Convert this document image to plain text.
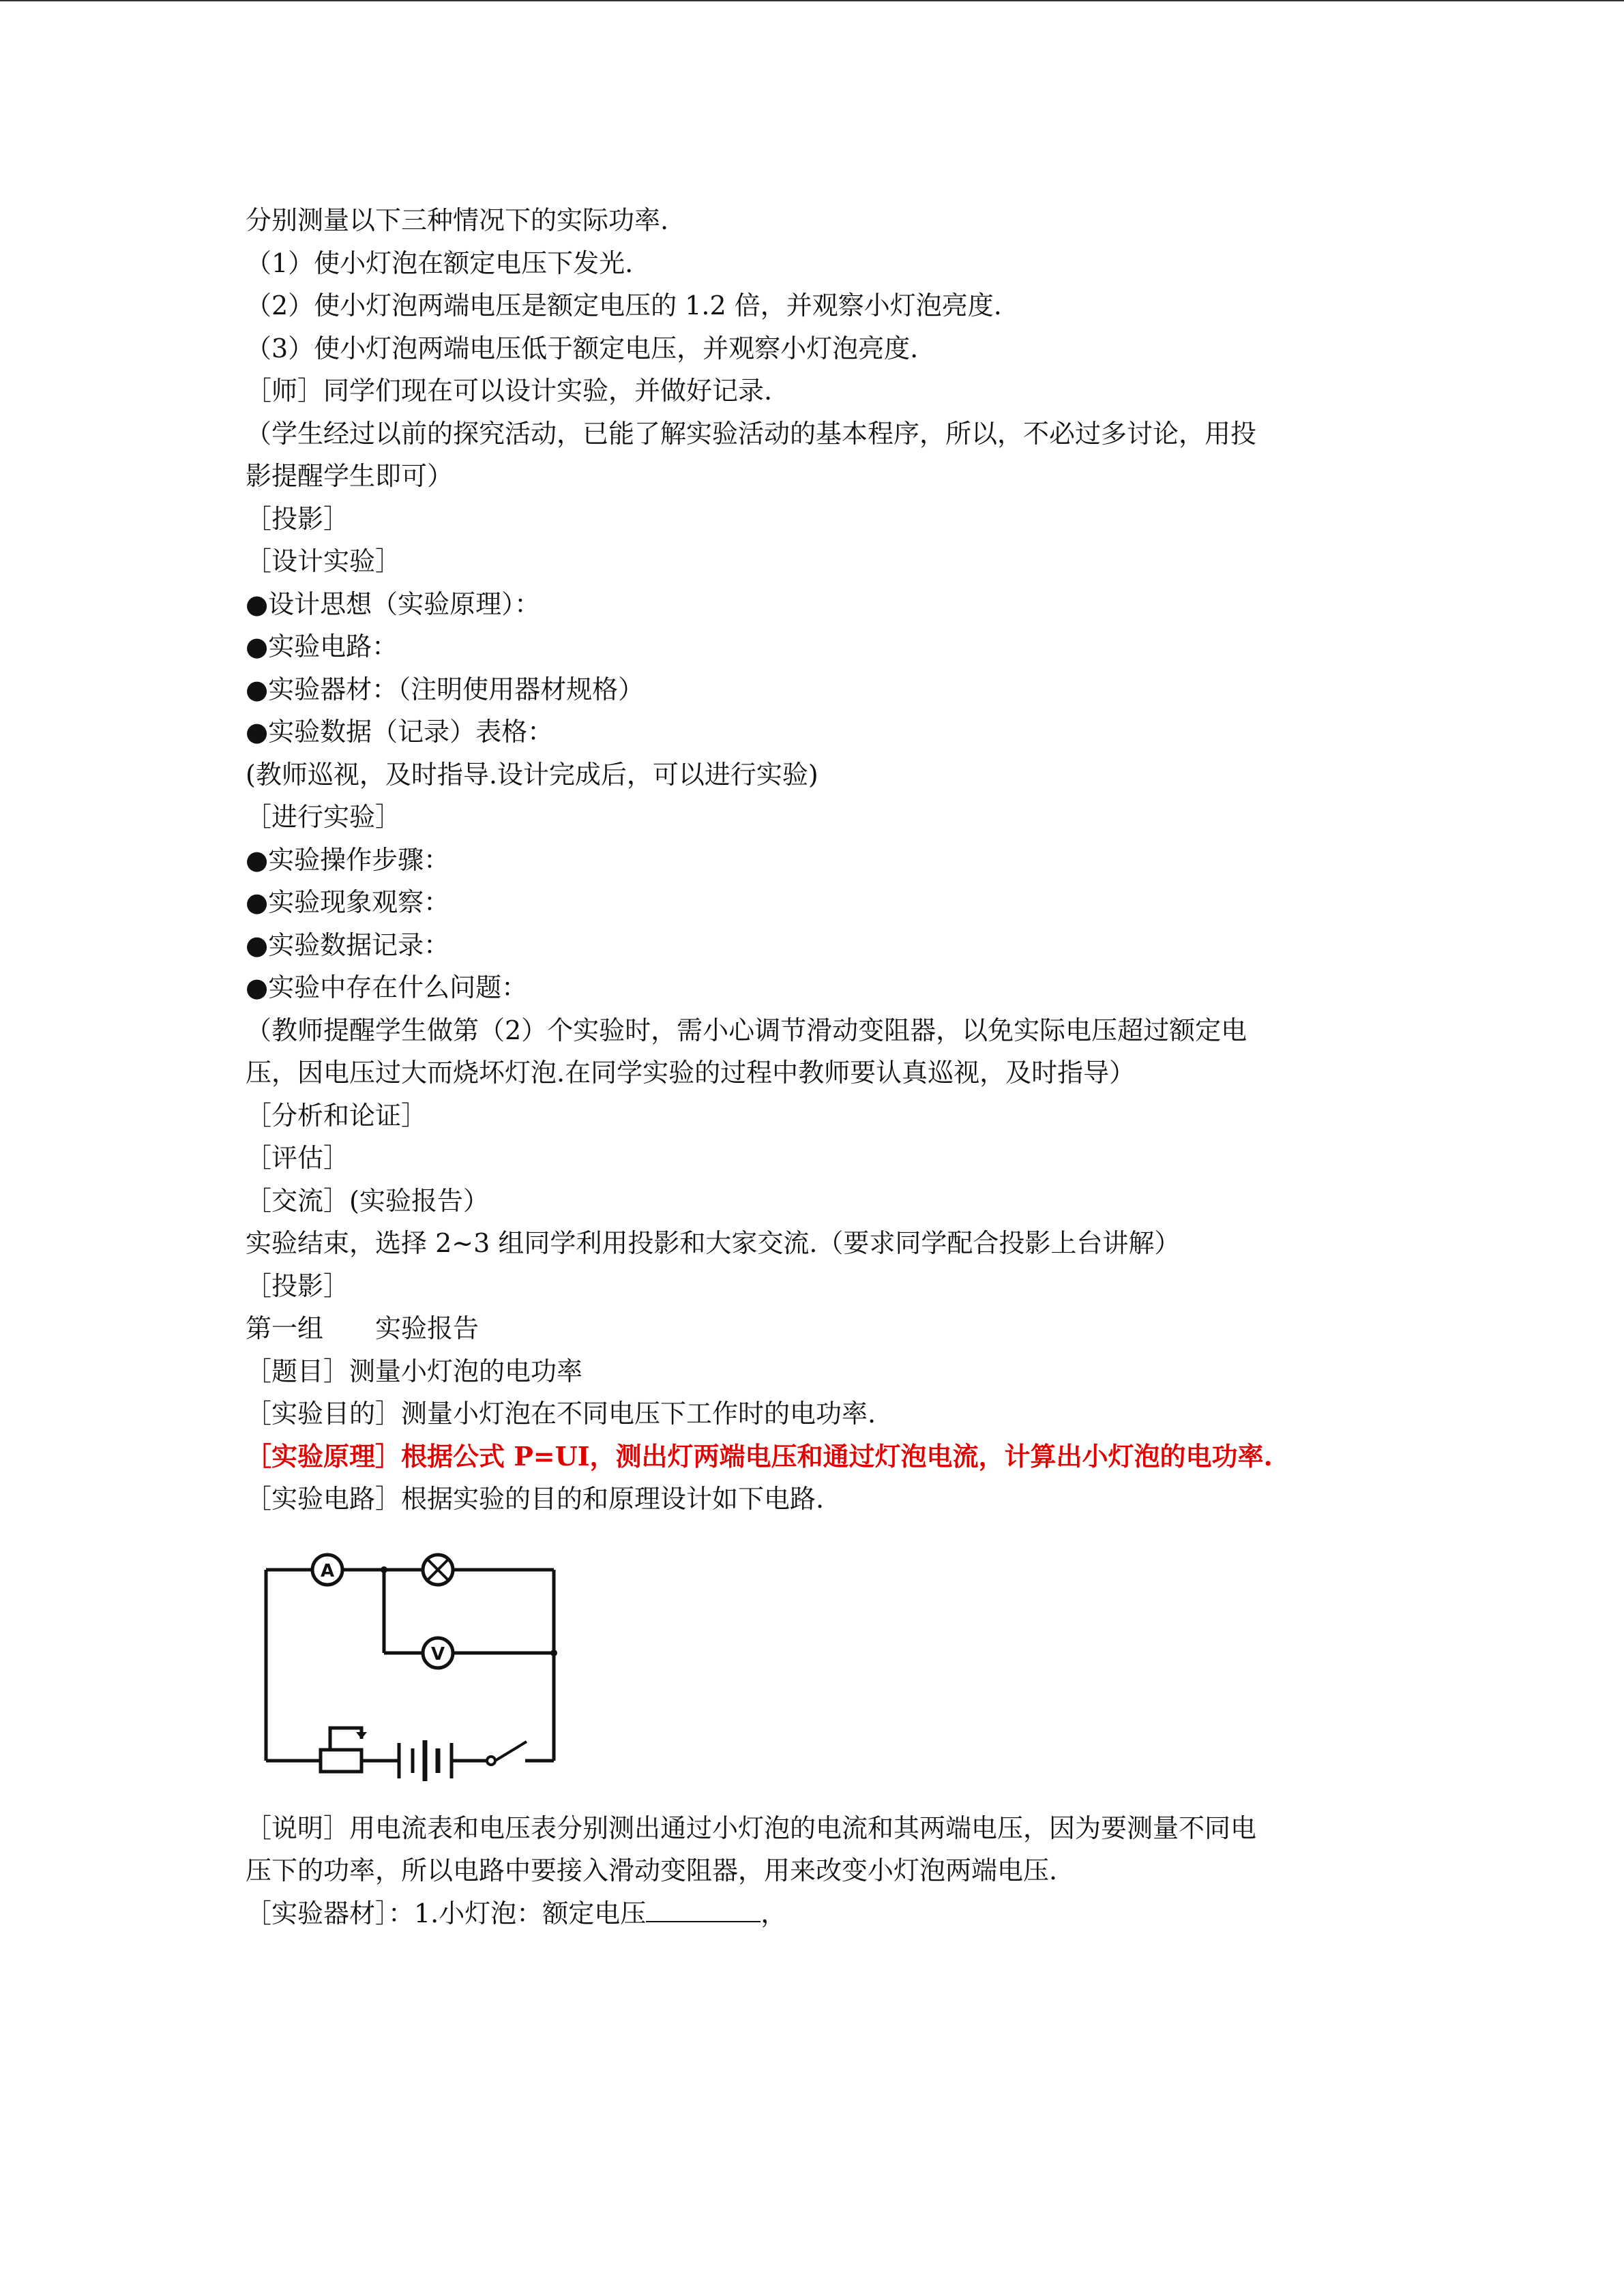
分别测量以下三种情况下的实际功率.
（1）使小灯泡在额定电压下发光.
（2）使小灯泡两端电压是额定电压的 1.2 倍，并观察小灯泡亮度.
（3）使小灯泡两端电压低于额定电压，并观察小灯泡亮度.
［师］同学们现在可以设计实验，并做好记录.
（学生经过以前的探究活动，已能了解实验活动的基本程序，所以，不必过多讨论，用投
影提醒学生即可）
［投影］
［设计实验］
●设计思想（实验原理）：
●实验电路：
●实验器材：（注明使用器材规格）
●实验数据（记录）表格：
(教师巡视，及时指导.设计完成后，可以进行实验)
［进行实验］
●实验操作步骤：
●实验现象观察：
●实验数据记录：
●实验中存在什么问题：
（教师提醒学生做第（2）个实验时，需小心调节滑动变阻器，以免实际电压超过额定电
压，因电压过大而烧坏灯泡.在同学实验的过程中教师要认真巡视，及时指导）
［分析和论证］
［评估］
［交流］(实验报告）
实验结束，选择 2~3 组同学利用投影和大家交流.（要求同学配合投影上台讲解）
［投影］
第一组　　实验报告
［题目］测量小灯泡的电功率
［实验目的］测量小灯泡在不同电压下工作时的电功率.
［实验原理］根据公式 P=UI，测出灯两端电压和通过灯泡电流，计算出小灯泡的电功率.
［实验电路］根据实验的目的和原理设计如下电路.
A
V
［说明］用电流表和电压表分别测出通过小灯泡的电流和其两端电压，因为要测量不同电
压下的功率，所以电路中要接入滑动变阻器，用来改变小灯泡两端电压.
［实验器材］：1.小灯泡：额定电压	，
